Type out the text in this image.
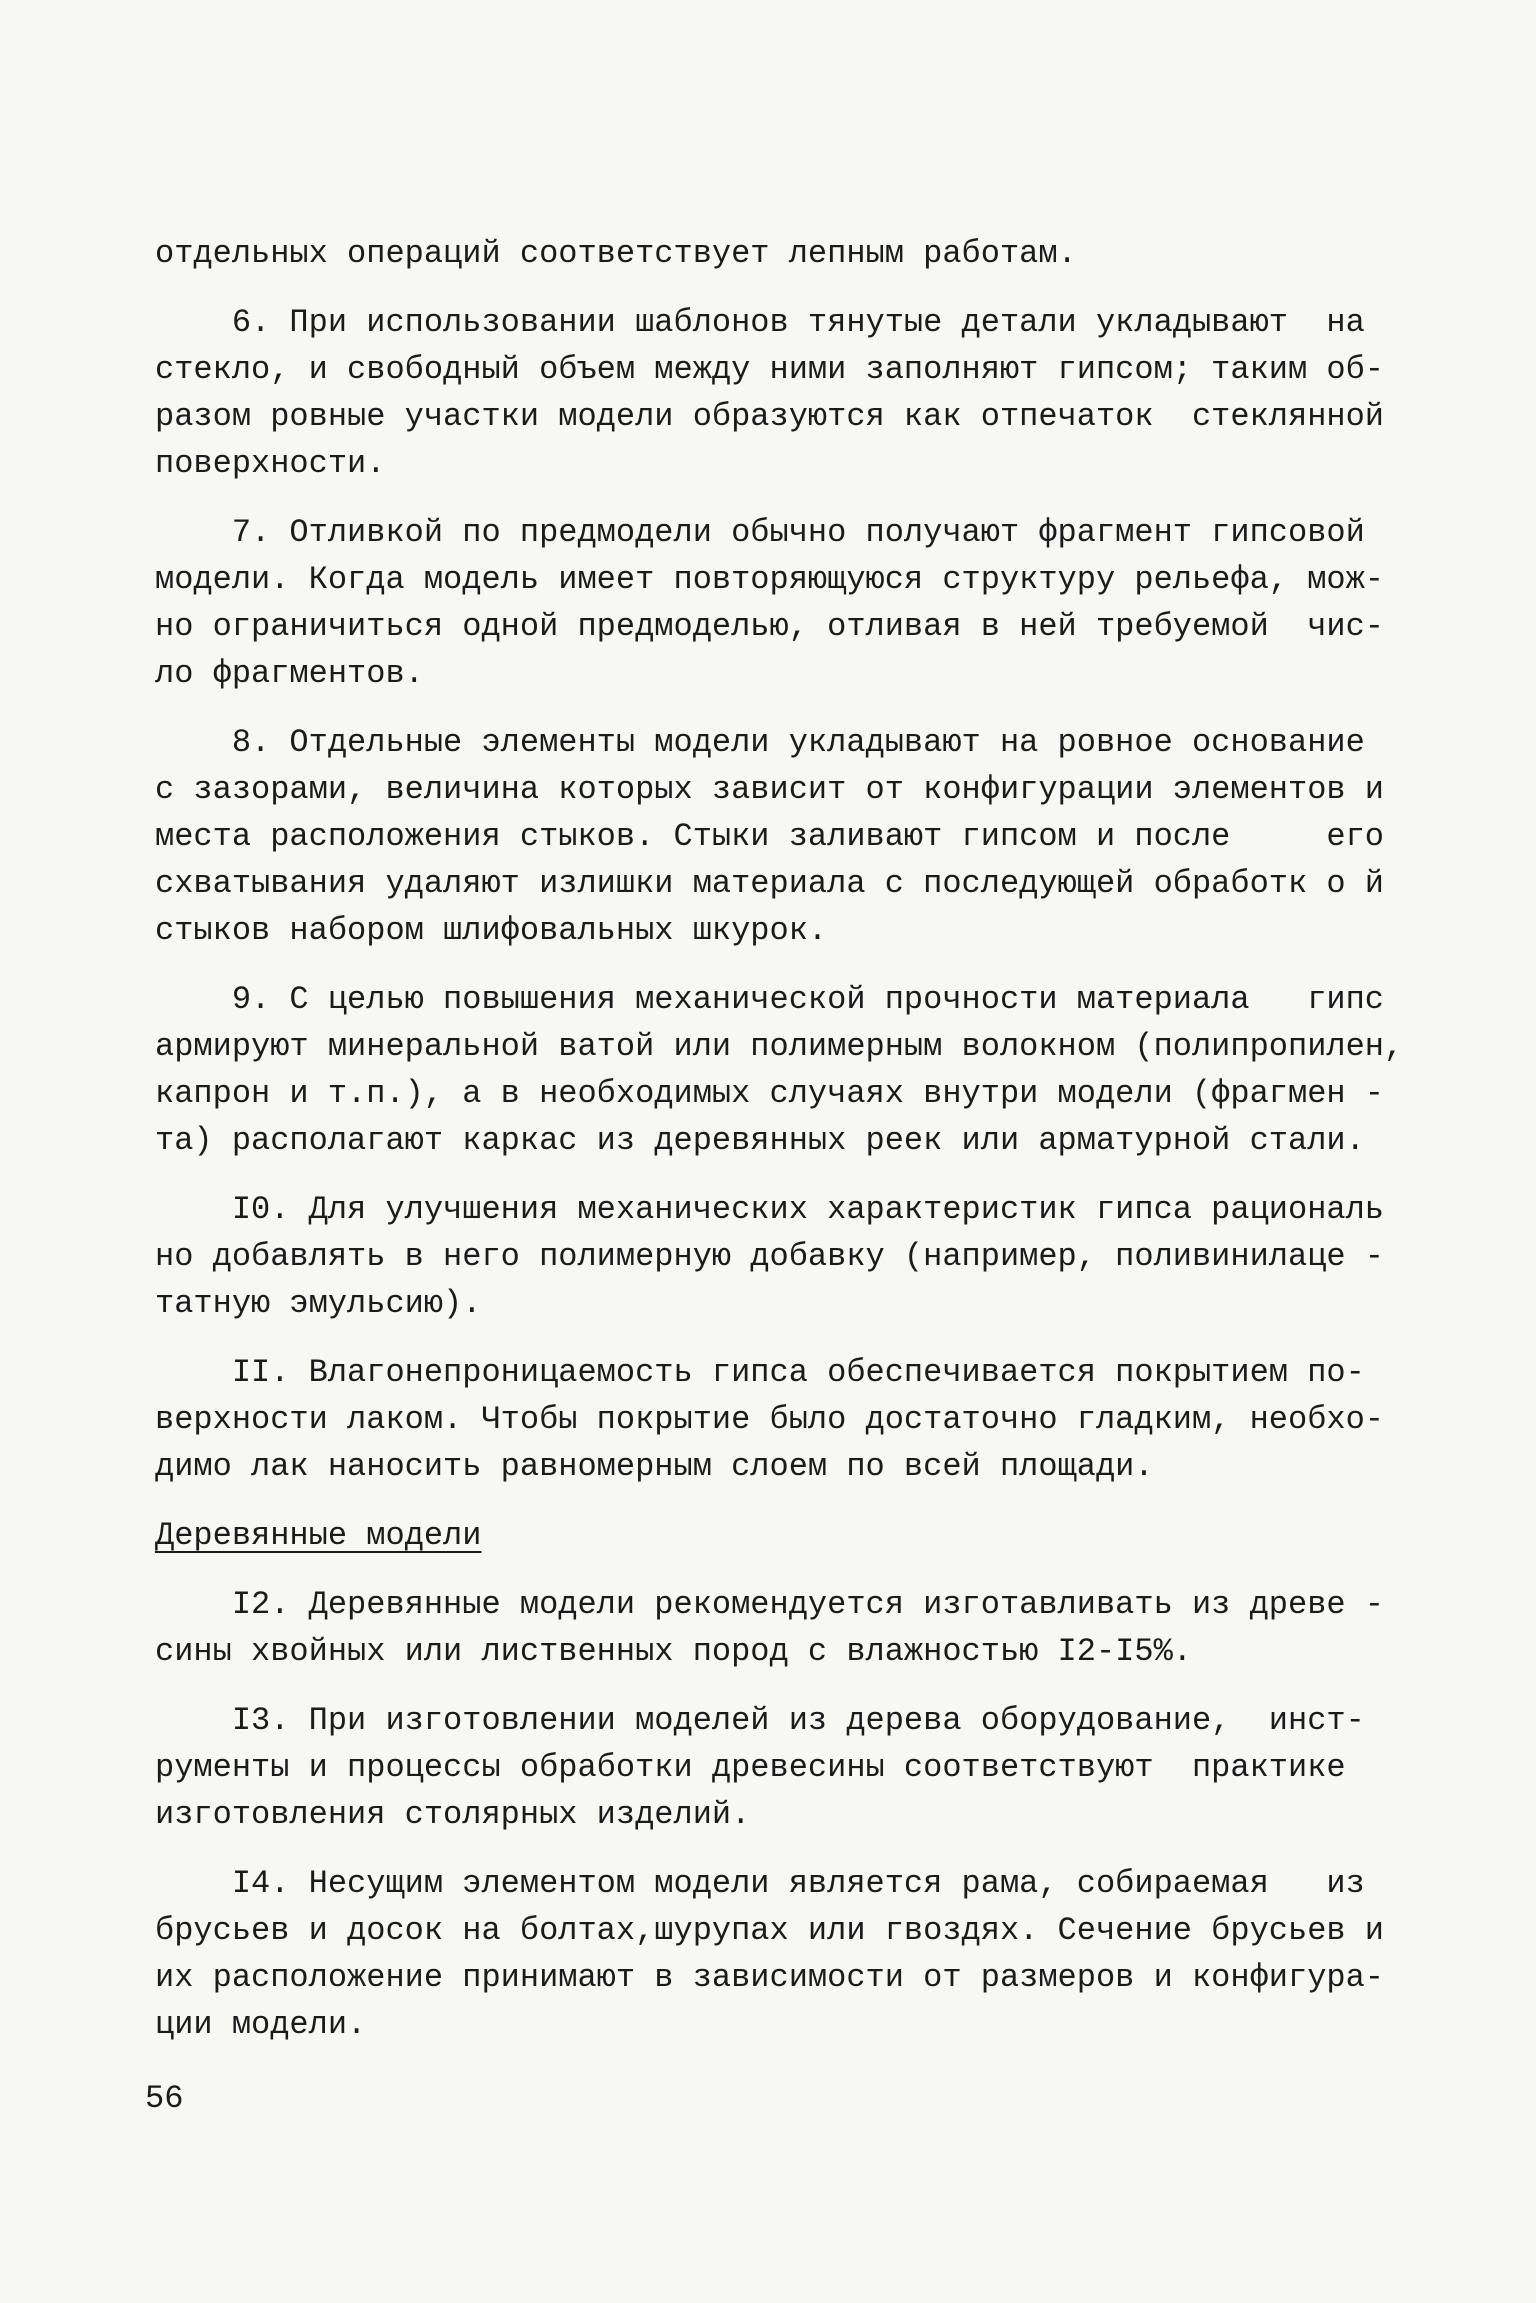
отдельных операций соответствует лепным работам.
6. При использовании шаблонов тянутые детали укладывают  на
стекло, и свободный объем между ними заполняют гипсом; таким об-
разом ровные участки модели образуются как отпечаток  стеклянной
поверхности.
7. Отливкой по предмодели обычно получают фрагмент гипсовой
модели. Когда модель имеет повторяющуюся структуру рельефа, мож-
но ограничиться одной предмоделью, отливая в ней требуемой  чис-
ло фрагментов.
8. Отдельные элементы модели укладывают на ровное основание
с зазорами, величина которых зависит от конфигурации элементов и
места расположения стыков. Стыки заливают гипсом и после     его
схватывания удаляют излишки материала с последующей обработк о й
стыков набором шлифовальных шкурок.
9. С целью повышения механической прочности материала   гипс
армируют минеральной ватой или полимерным волокном (полипропилен,
капрон и т.п.), а в необходимых случаях внутри модели (фрагмен -
та) располагают каркас из деревянных реек или арматурной стали.
I0. Для улучшения механических характеристик гипса рациональ
но добавлять в него полимерную добавку (например, поливинилаце -
татную эмульсию).
II. Влагонепроницаемость гипса обеспечивается покрытием по-
верхности лаком. Чтобы покрытие было достаточно гладким, необхо-
димо лак наносить равномерным слоем по всей площади.
Деревянные модели
I2. Деревянные модели рекомендуется изготавливать из древе -
сины хвойных или лиственных пород с влажностью I2-I5%.
I3. При изготовлении моделей из дерева оборудование,  инст-
рументы и процессы обработки древесины соответствуют  практике
изготовления столярных изделий.
I4. Несущим элементом модели является рама, собираемая   из
брусьев и досок на болтах,шурупах или гвоздях. Сечение брусьев и
их расположение принимают в зависимости от размеров и конфигура-
ции модели.
56
